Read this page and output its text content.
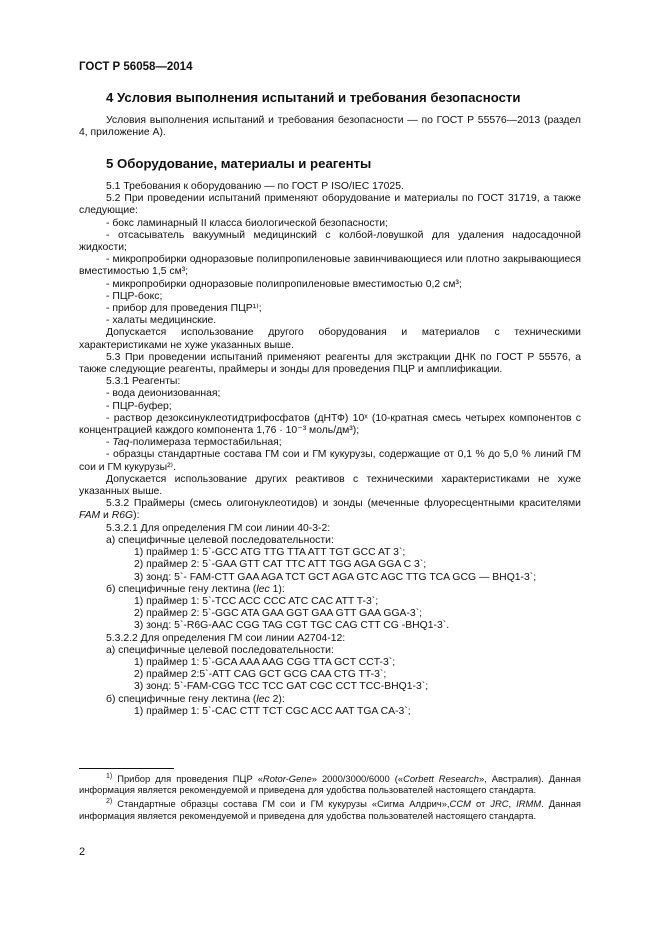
ГОСТ Р 56058—2014
4 Условия выполнения испытаний и требования безопасности

Условия выполнения испытаний и требования безопасности — по ГОСТ Р 55576—2013 (раздел 4, приложение А).

5 Оборудование, материалы и реагенты

5.1 Требования к оборудованию — по ГОСТ Р ISO/IEC 17025.

5.2 При проведении испытаний применяют оборудование и материалы по ГОСТ 31719, а также следующие:

- бокс ламинарный II класса биологической безопасности;

- отсасыватель вакуумный медицинский с колбой-ловушкой для удаления надосадочной жидкости;

- микропробирки одноразовые полипропиленовые завинчивающиеся или плотно закрывающиеся вместимостью 1,5 см³;

- микропробирки одноразовые полипропиленовые вместимостью 0,2 см³;

- ПЦР-бокс;

- прибор для проведения ПЦР¹⁾;

- халаты медицинские.

Допускается использование другого оборудования и материалов с техническими характеристиками не хуже указанных выше.

5.3 При проведении испытаний применяют реагенты для экстракции ДНК по ГОСТ Р 55576, а также следующие реагенты, праймеры и зонды для проведения ПЦР и амплификации.

5.3.1 Реагенты:

- вода деионизованная;

- ПЦР-буфер;

- раствор дезоксинуклеотидтрифосфатов (дНТФ) 10ˣ (10-кратная смесь четырех компонентов с концентрацией каждого компонента 1,76 · 10⁻³ моль/дм³);

- Taq-полимераза термостабильная;

- образцы стандартные состава ГМ сои и ГМ кукурузы, содержащие от 0,1 % до 5,0 % линий ГМ сои и ГМ кукурузы²⁾.

Допускается использование других реактивов с техническими характеристиками не хуже указанных выше.

5.3.2 Праймеры (смесь олигонуклеотидов) и зонды (меченные флуоресцентными красителями FAM и R6G):

5.3.2.1 Для определения ГМ сои линии 40-3-2:

а) специфичные целевой последовательности:

1) праймер 1: 5`-GCC ATG TTG TTA ATT TGT GCC AT 3`;

2) праймер 2: 5`-GAA GTT CAT TTC ATT TGG AGA GGA C 3`;

3) зонд: 5`- FAM-CTT GAA AGA TCT GCT AGA GTC AGC TTG TCA GCG — BHQ1-3`;

б) специфичные гену лектина (lec 1):

1) праймер 1: 5`-TCC ACC CCC ATC CAC ATT T-3`;

2) праймер 2: 5`-GGC ATA GAA GGT GAA GTT GAA GGA-3`;

3) зонд: 5`-R6G-AAC CGG TAG CGT TGC CAG CTT CG -BHQ1-3`.

5.3.2.2 Для определения ГМ сои линии А2704-12:

а) специфичные целевой последовательности:

1) праймер 1: 5`-GCA AAA AAG CGG TTA GCT CCT-3`;

2) праймер 2:5`-ATT CAG GCT GCG CAA CTG TT-3`;

3) зонд: 5`-FAM-CGG TCC TCC GAT CGC CCT TCC-BHQ1-3`;

б) специфичные гену лектина (lec 2):

1) праймер 1: 5`-CAC CTT TCT CGC ACC AAT TGA CA-3`;

$^{1)}$ Прибор для проведения ПЦР «Rotor-Gene» 2000/3000/6000 («Corbett Research», Австралия). Данная информация является рекомендуемой и приведена для удобства пользователей настоящего стандарта.

$^{2)}$ Стандартные образцы состава ГМ сои и ГМ кукурузы «Сигма Алдрич»,CCM от JRC, IRMM. Данная информация является рекомендуемой и приведена для удобства пользователей настоящего стандарта.

2
